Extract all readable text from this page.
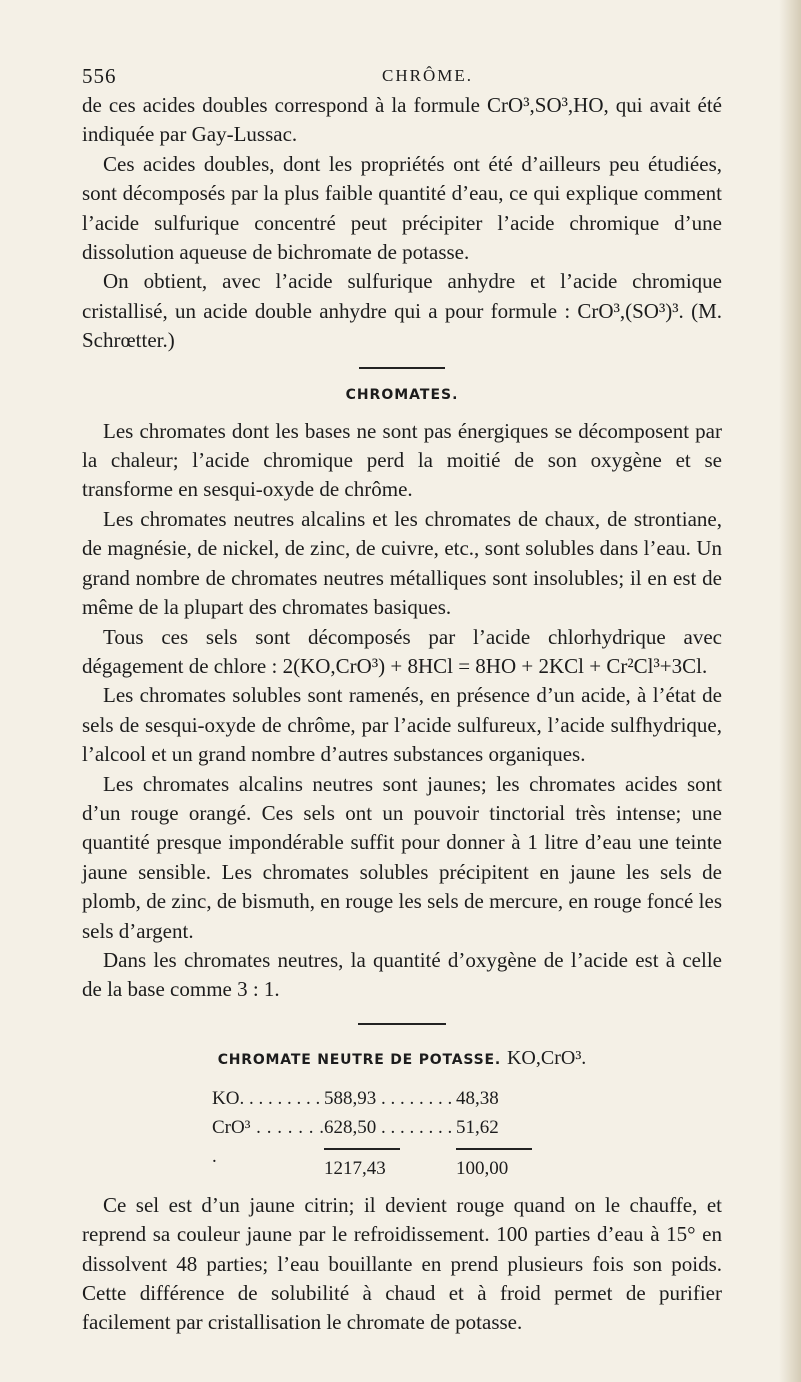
556	CHRÔME.

de ces acides doubles correspond à la formule CrO³,SO³,HO, qui avait été indiquée par Gay-Lussac.

Ces acides doubles, dont les propriétés ont été d’ailleurs peu étudiées, sont décomposés par la plus faible quantité d’eau, ce qui explique comment l’acide sulfurique concentré peut précipiter l’acide chromique d’une dissolution aqueuse de bichromate de potasse.

On obtient, avec l’acide sulfurique anhydre et l’acide chromique cristallisé, un acide double anhydre qui a pour formule : CrO³,(SO³)³. (M. Schrœtter.)

CHROMATES.

Les chromates dont les bases ne sont pas énergiques se décomposent par la chaleur; l’acide chromique perd la moitié de son oxygène et se transforme en sesqui-oxyde de chrôme.

Les chromates neutres alcalins et les chromates de chaux, de strontiane, de magnésie, de nickel, de zinc, de cuivre, etc., sont solubles dans l’eau. Un grand nombre de chromates neutres métalliques sont insolubles; il en est de même de la plupart des chromates basiques.

Tous ces sels sont décomposés par l’acide chlorhydrique avec dégagement de chlore : 2(KO,CrO³) + 8HCl = 8HO + 2KCl + Cr²Cl³+3Cl.

Les chromates solubles sont ramenés, en présence d’un acide, à l’état de sels de sesqui-oxyde de chrôme, par l’acide sulfureux, l’acide sulfhydrique, l’alcool et un grand nombre d’autres substances organiques.

Les chromates alcalins neutres sont jaunes; les chromates acides sont d’un rouge orangé. Ces sels ont un pouvoir tinctorial très intense; une quantité presque impondérable suffit pour donner à 1 litre d’eau une teinte jaune sensible. Les chromates solubles précipitent en jaune les sels de plomb, de zinc, de bismuth, en rouge les sels de mercure, en rouge foncé les sels d’argent.

Dans les chromates neutres, la quantité d’oxygène de l’acide est à celle de la base comme 3 : 1.

CHROMATE NEUTRE DE POTASSE. KO,CrO³.
KO. . . . . . . . . 588,93 . . . . . . . . 48,38
CrO³ . . . . . . . .
628,50 . . . . . . . . 51,62
1217,43	100,00

Ce sel est d’un jaune citrin; il devient rouge quand on le chauffe, et reprend sa couleur jaune par le refroidissement. 100 parties d’eau à 15° en dissolvent 48 parties; l’eau bouillante en prend plusieurs fois son poids. Cette différence de solubilité à chaud et à froid permet de purifier facilement par cristallisation le chromate de potasse.
